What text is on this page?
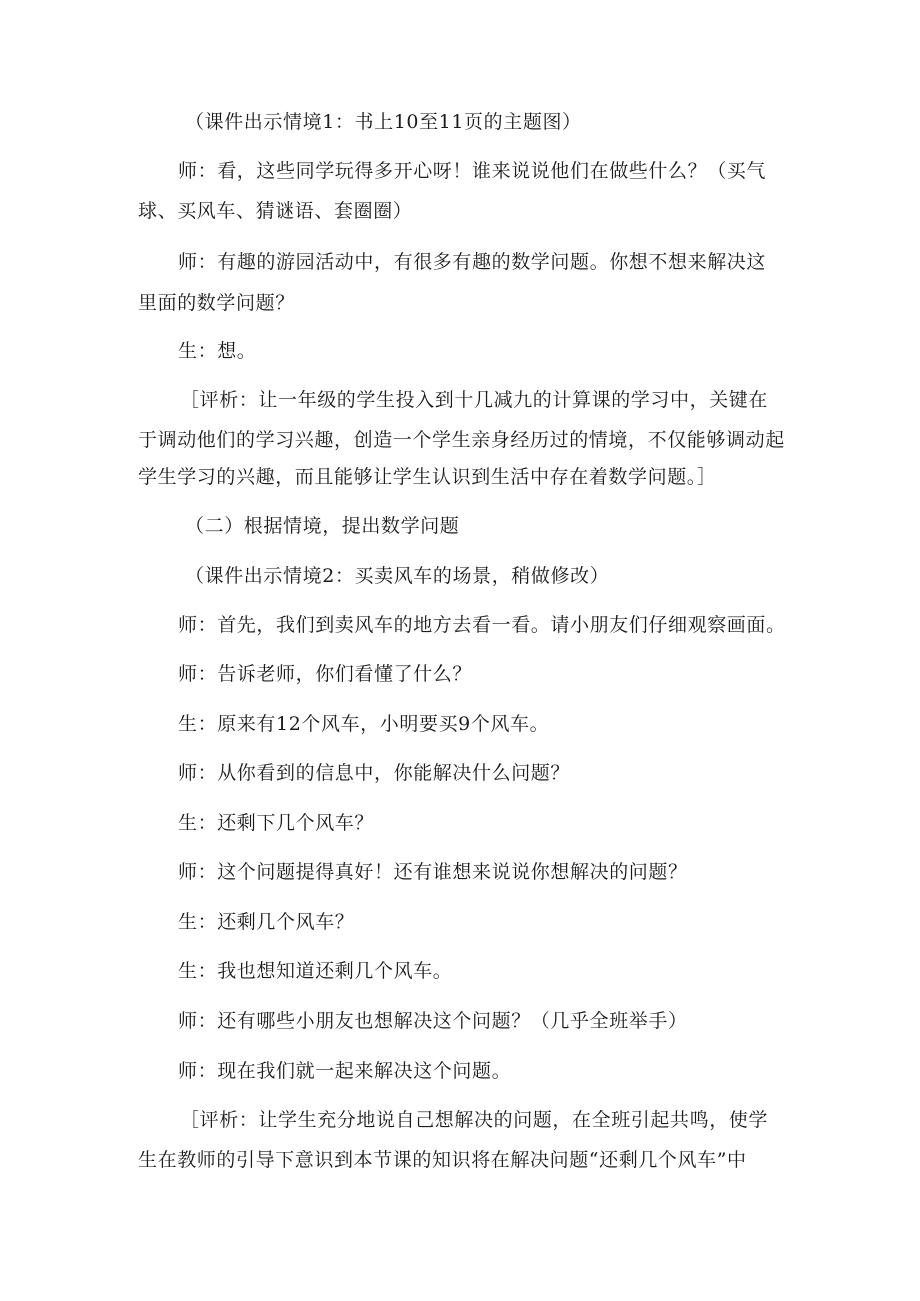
（课件出示情境1：书上10至11页的主题图）
师：看，这些同学玩得多开心呀！谁来说说他们在做些什么？（买气
球、买风车、猜谜语、套圈圈）
师：有趣的游园活动中，有很多有趣的数学问题。你想不想来解决这
里面的数学问题？
生：想。
［评析：让一年级的学生投入到十几减九的计算课的学习中，关键在
于调动他们的学习兴趣，创造一个学生亲身经历过的情境，不仅能够调动起
学生学习的兴趣，而且能够让学生认识到生活中存在着数学问题。］
（二）根据情境，提出数学问题
（课件出示情境2：买卖风车的场景，稍做修改）
师：首先，我们到卖风车的地方去看一看。请小朋友们仔细观察画面。
师：告诉老师，你们看懂了什么？
生：原来有12个风车，小明要买9个风车。
师：从你看到的信息中，你能解决什么问题？
生：还剩下几个风车？
师：这个问题提得真好！还有谁想来说说你想解决的问题？
生：还剩几个风车？
生：我也想知道还剩几个风车。
师：还有哪些小朋友也想解决这个问题？（几乎全班举手）
师：现在我们就一起来解决这个问题。
［评析：让学生充分地说自己想解决的问题，在全班引起共鸣，使学
生在教师的引导下意识到本节课的知识将在解决问题“还剩几个风车”中
